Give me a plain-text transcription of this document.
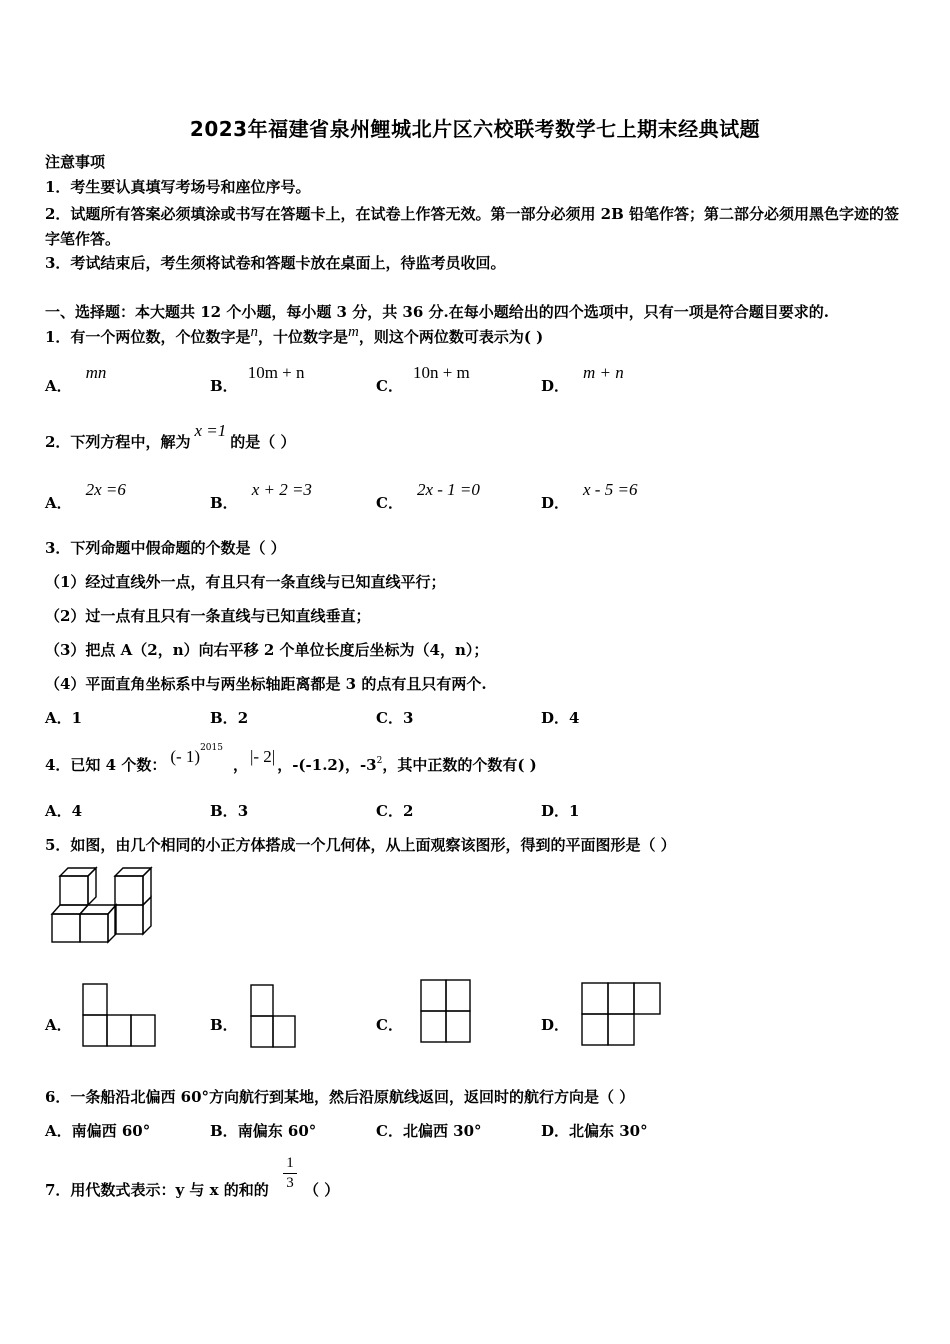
2023年福建省泉州鲤城北片区六校联考数学七上期末经典试题
注意事项
1．考生要认真填写考场号和座位序号。
2．试题所有答案必须填涂或书写在答题卡上，在试卷上作答无效。第一部分必须用 2B 铅笔作答；第二部分必须用黑色字迹的签字笔作答。
3．考试结束后，考生须将试卷和答题卡放在桌面上，待监考员收回。
一、选择题：本大题共 12 个小题，每小题 3 分，共 36 分.在每小题给出的四个选项中，只有一项是符合题目要求的.
1．有一个两位数，个位数字是n，十位数字是m，则这个两位数可表示为( )
A．mn
B．10m + n
C．10n + m
D．m + n
2．下列方程中，解为x =1的是（ ）
A．2x =6
B．x + 2 =3
C．2x - 1 =0
D．x - 5 =6
3．下列命题中假命题的个数是（ ）
（1）经过直线外一点，有且只有一条直线与已知直线平行；
（2）过一点有且只有一条直线与已知直线垂直；
（3）把点 A（2，n）向右平移 2 个单位长度后坐标为（4，n）；
（4）平面直角坐标系中与两坐标轴距离都是 3 的点有且只有两个.
A．1	B．2	C．3	D．4
4．已知 4 个数： (- 1)$^{2015}$， |- 2| ，-(-1.2)，$-3^2$，其中正数的个数有( )
A．4	B．3	C．2	D．1
5．如图，由几个相同的小正方体搭成一个几何体，从上面观察该图形，得到的平面图形是（ ）
A．	B．	C．	D．
6．一条船沿北偏西 60°方向航行到某地，然后沿原航线返回，返回时的航行方向是（ ）
A．南偏西 60°	B．南偏东 60°	C．北偏西 30°	D．北偏东 30°
7．用代数式表示：y 与 x 的和的
1
3 （ ）
